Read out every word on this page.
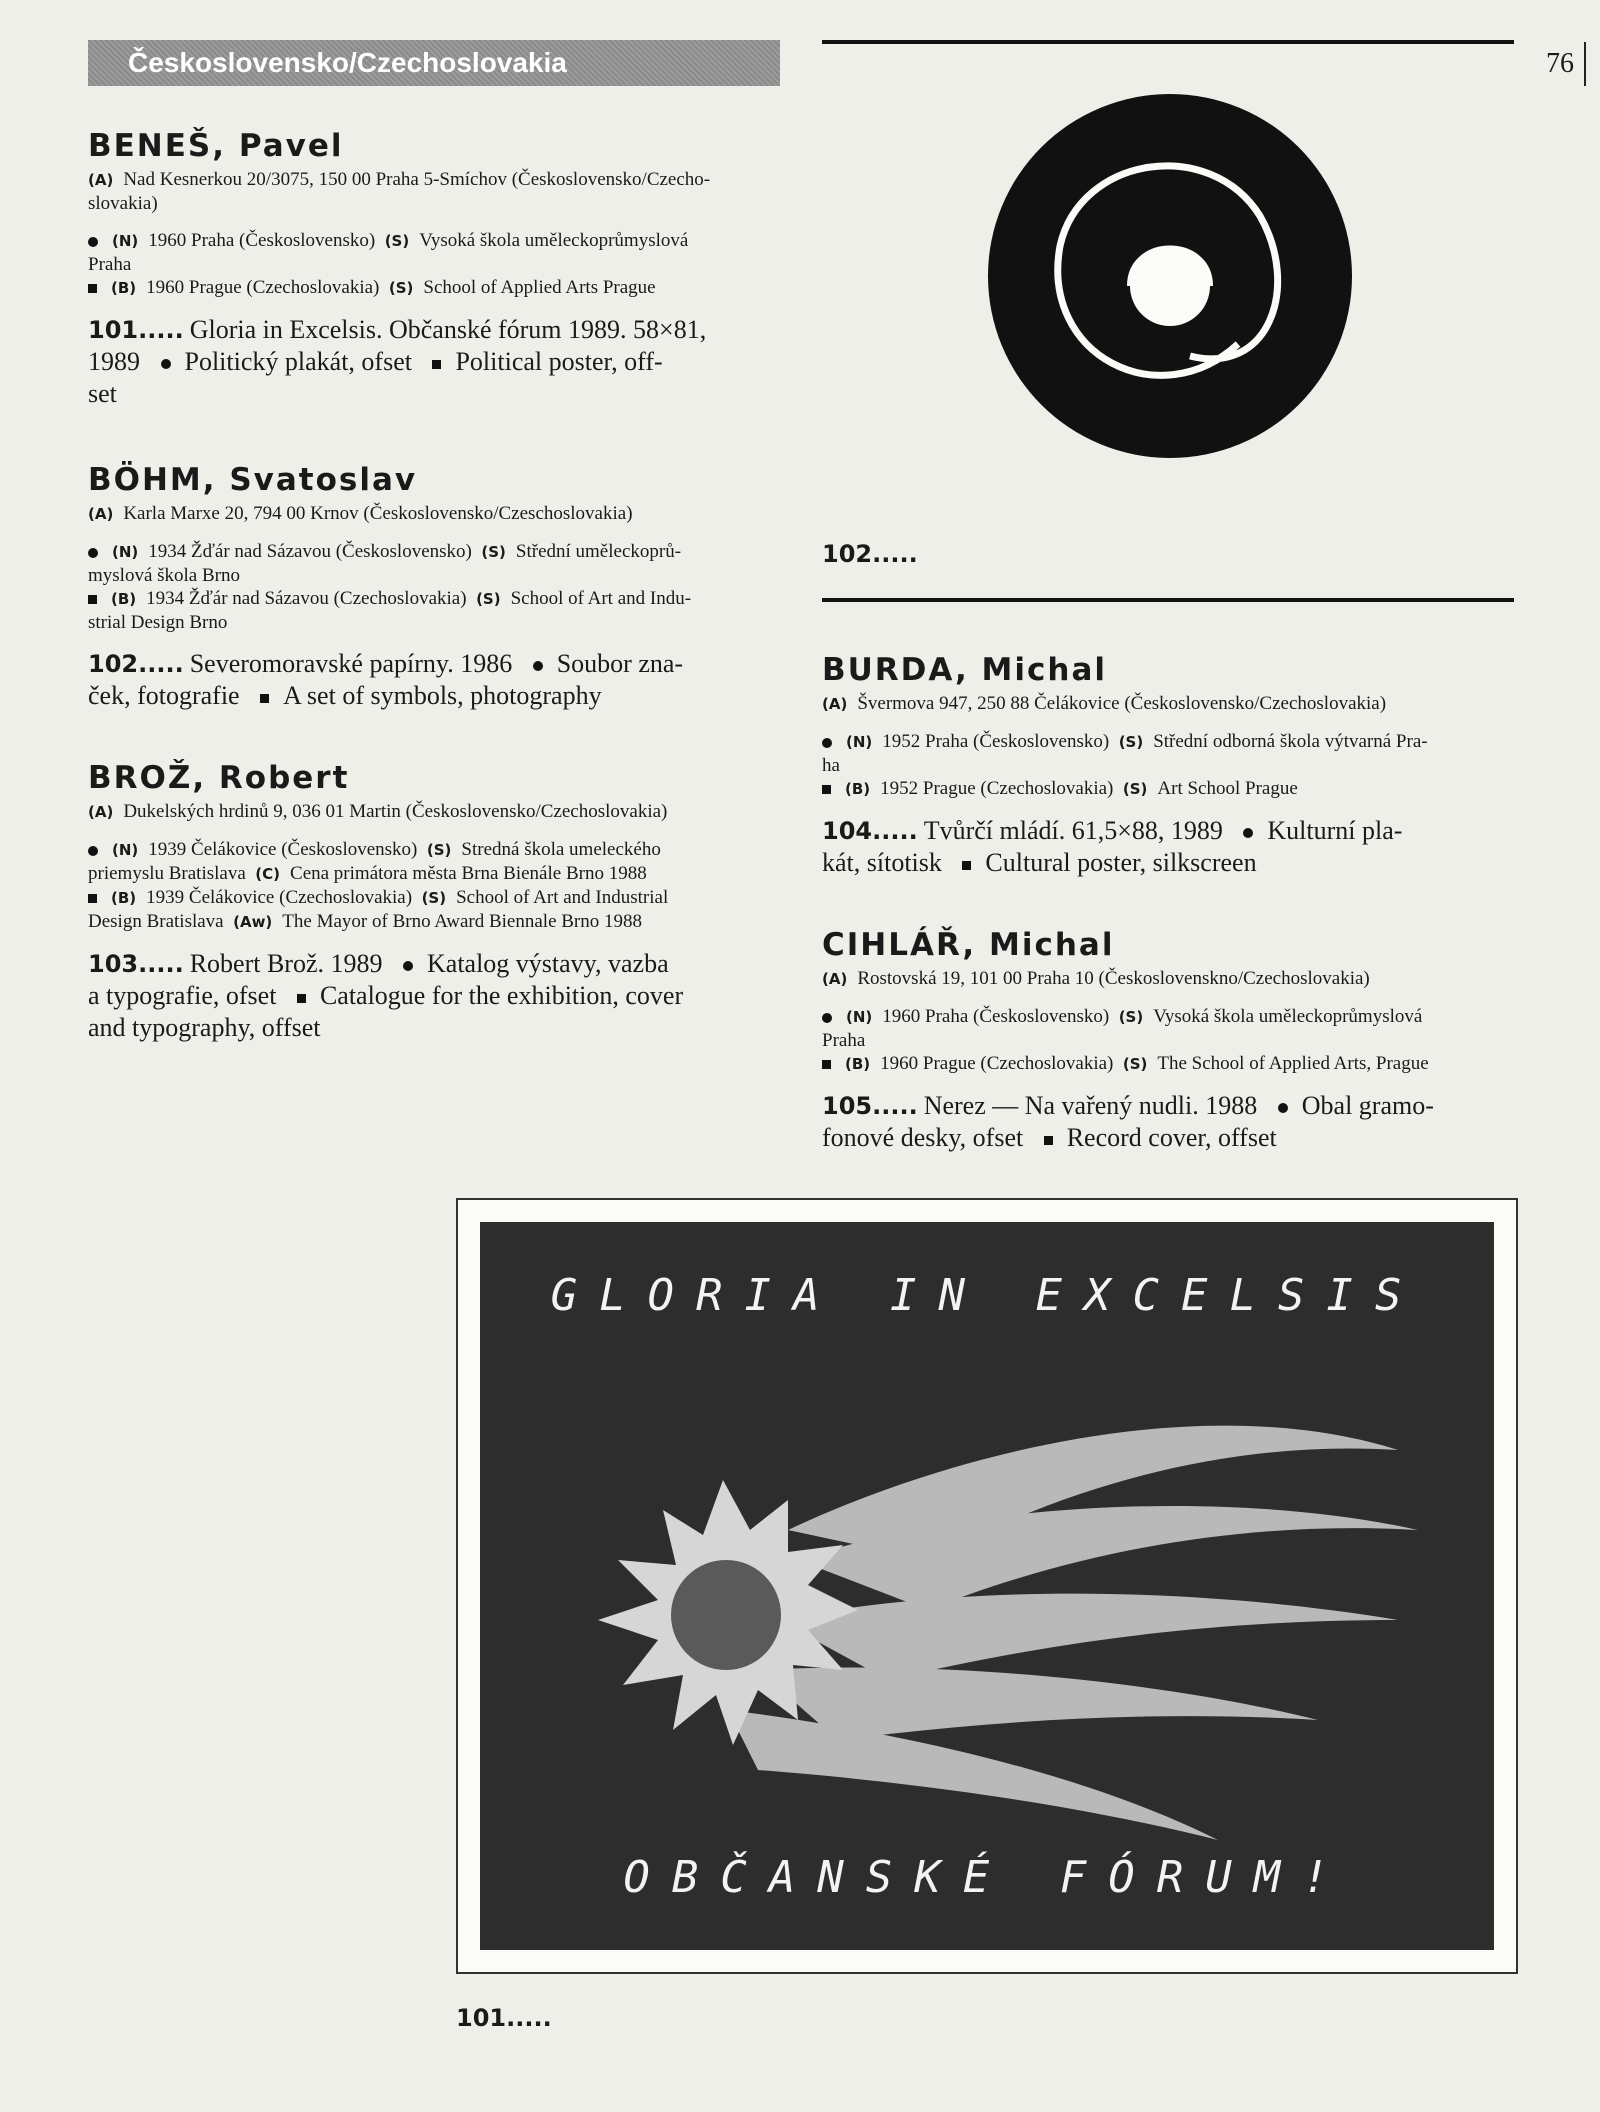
Československo/Czechoslovakia	76

BENEŠ, Pavel

(A) Nad Kesnerkou 20/3075, 150 00 Praha 5-Smíchov (Československo/Czecho-

slovakia)

(N) 1960 Praha (Československo) (S) Vysoká škola uměleckoprůmyslová

Praha

(B) 1960 Prague (Czechoslovakia) (S) School of Applied Arts Prague

101..... Gloria in Excelsis. Občanské fórum 1989. 58×81,

1989 Politický plakát, ofset Political poster, off-

set

BÖHM, Svatoslav

(A) Karla Marxe 20, 794 00 Krnov (Československo/Czeschoslovakia)

(N) 1934 Žďár nad Sázavou (Československo) (S) Střední uměleckoprů-

myslová škola Brno

(B) 1934 Žďár nad Sázavou (Czechoslovakia) (S) School of Art and Indu-

strial Design Brno

102..... Severomoravské papírny. 1986 Soubor zna-

ček, fotografie A set of symbols, photography

BROŽ, Robert

(A) Dukelských hrdinů 9, 036 01 Martin (Československo/Czechoslovakia)

(N) 1939 Čelákovice (Československo) (S) Stredná škola umeleckého

priemyslu Bratislava (C) Cena primátora města Brna Bienále Brno 1988

(B) 1939 Čelákovice (Czechoslovakia) (S) School of Art and Industrial

Design Bratislava (Aw) The Mayor of Brno Award Biennale Brno 1988

103..... Robert Brož. 1989 Katalog výstavy, vazba

a typografie, ofset Catalogue for the exhibition, cover

and typography, offset

102.....

BURDA, Michal

(A) Švermova 947, 250 88 Čelákovice (Československo/Czechoslovakia)

(N) 1952 Praha (Československo) (S) Střední odborná škola výtvarná Pra-

ha

(B) 1952 Prague (Czechoslovakia) (S) Art School Prague

104..... Tvůrčí mládí. 61,5×88, 1989 Kulturní pla-

kát, sítotisk Cultural poster, silkscreen

CIHLÁŘ, Michal

(A) Rostovská 19, 101 00 Praha 10 (Československnо/Czechoslovakia)

(N) 1960 Praha (Československo) (S) Vysoká škola uměleckoprůmyslová

Praha

(B) 1960 Prague (Czechoslovakia) (S) The School of Applied Arts, Prague

105..... Nerez — Na vařený nudli. 1988 Obal gramo-

fonové desky, ofset Record cover, offset

GLORIA IN EXCELSIS
OBČANSKÉ FÓRUM!
101.....
